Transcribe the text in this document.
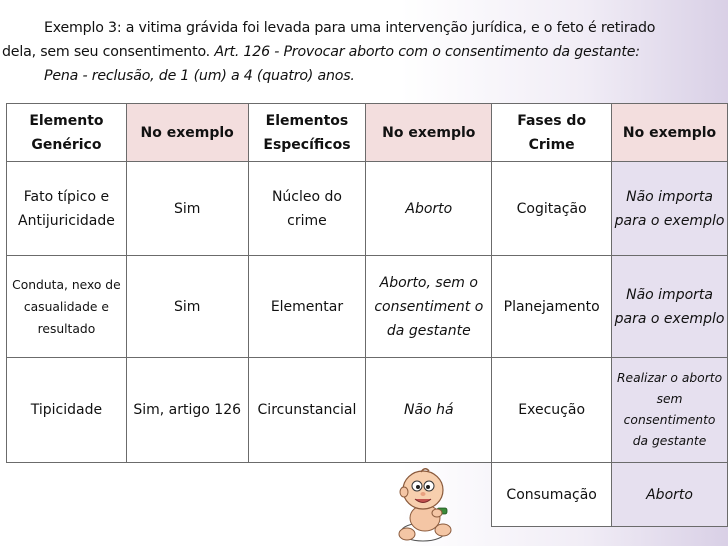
Exemplo 3: a vitima grávida foi levada para uma intervenção jurídica, e o feto é retirado
dela, sem seu consentimento. Art. 126 - Provocar aborto com o consentimento da gestante:
Pena - reclusão, de 1 (um) a 4 (quatro) anos.
Elemento Genérico	No exemplo	Elementos Específicos	No exemplo	Fases do Crime	No exemplo
Fato típico e Antijuricidade	Sim	Núcleo do crime	Aborto	Cogitação	Não importa para o exemplo
Conduta, nexo de casualidade e resultado	Sim	Elementar	Aborto, sem o consentiment o da gestante	Planejamento	Não importa para o exemplo
Tipicidade	Sim, artigo 126	Circunstancial	Não há	Execução	Realizar o aborto sem consentimento da gestante
				Consumação	Aborto
